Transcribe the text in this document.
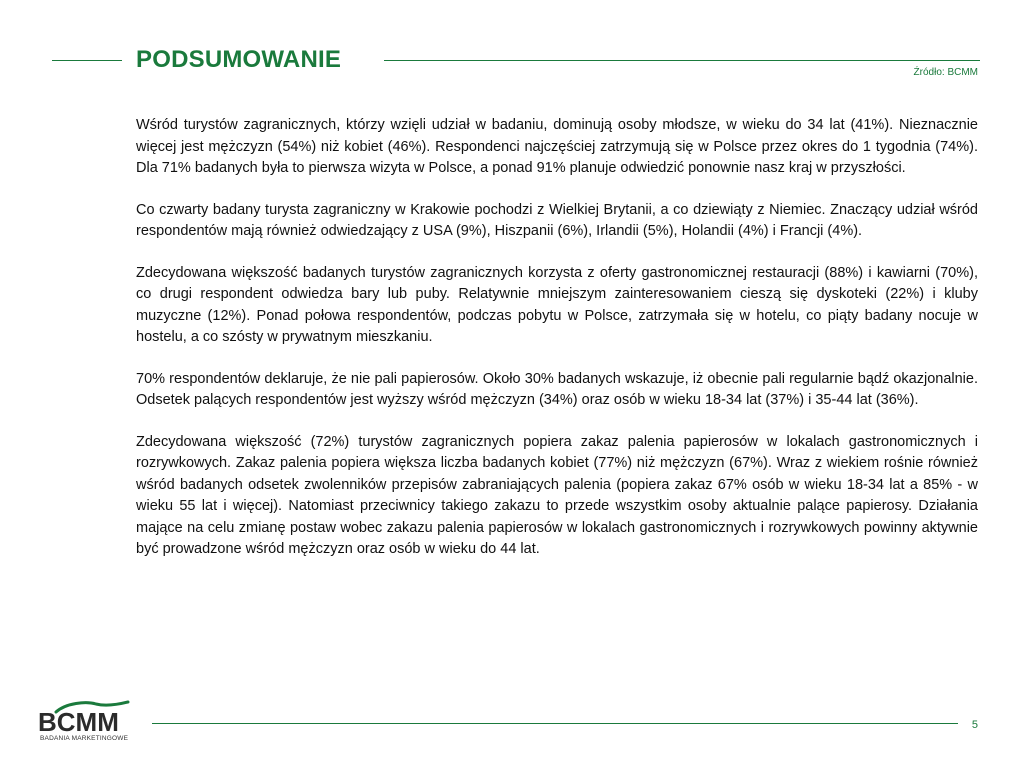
PODSUMOWANIE	Źródło: BCMM

Wśród turystów zagranicznych, którzy wzięli udział w badaniu, dominują osoby młodsze, w wieku do 34 lat (41%). Nieznacznie więcej jest mężczyzn (54%) niż kobiet (46%). Respondenci najczęściej zatrzymują się w Polsce przez okres do 1 tygodnia (74%). Dla 71% badanych była to pierwsza wizyta w Polsce, a ponad 91% planuje odwiedzić ponownie nasz kraj w przyszłości.

Co czwarty badany turysta zagraniczny w Krakowie pochodzi z Wielkiej Brytanii, a co dziewiąty z Niemiec. Znaczący udział wśród respondentów mają również odwiedzający z USA (9%), Hiszpanii (6%), Irlandii (5%), Holandii (4%) i Francji (4%).

Zdecydowana większość badanych turystów zagranicznych korzysta z oferty gastronomicznej restauracji (88%) i kawiarni (70%), co drugi respondent odwiedza bary lub puby. Relatywnie mniejszym zainteresowaniem cieszą się dyskoteki (22%) i kluby muzyczne (12%). Ponad połowa respondentów, podczas pobytu w Polsce, zatrzymała się w hotelu, co piąty badany nocuje w hostelu, a co szósty w prywatnym mieszkaniu.

70% respondentów deklaruje, że nie pali papierosów. Około 30% badanych wskazuje, iż obecnie pali regularnie bądź okazjonalnie. Odsetek palących respondentów jest wyższy wśród mężczyzn (34%) oraz osób w wieku 18-34 lat (37%) i 35-44 lat (36%).

Zdecydowana większość (72%) turystów zagranicznych popiera zakaz palenia papierosów w lokalach gastronomicznych i rozrywkowych. Zakaz palenia popiera większa liczba badanych kobiet (77%) niż mężczyzn (67%). Wraz z wiekiem rośnie również wśród badanych odsetek zwolenników przepisów zabraniających palenia (popiera zakaz 67% osób w wieku 18-34 lat a 85% - w wieku 55 lat i więcej). Natomiast przeciwnicy takiego zakazu to przede wszystkim osoby aktualnie palące papierosy. Działania mające na celu zmianę postaw wobec zakazu palenia papierosów w lokalach gastronomicznych i rozrywkowych powinny aktywnie być prowadzone wśród mężczyzn oraz osób w wieku do 44 lat.

BCMM
BADANIA MARKETINGOWE
5
